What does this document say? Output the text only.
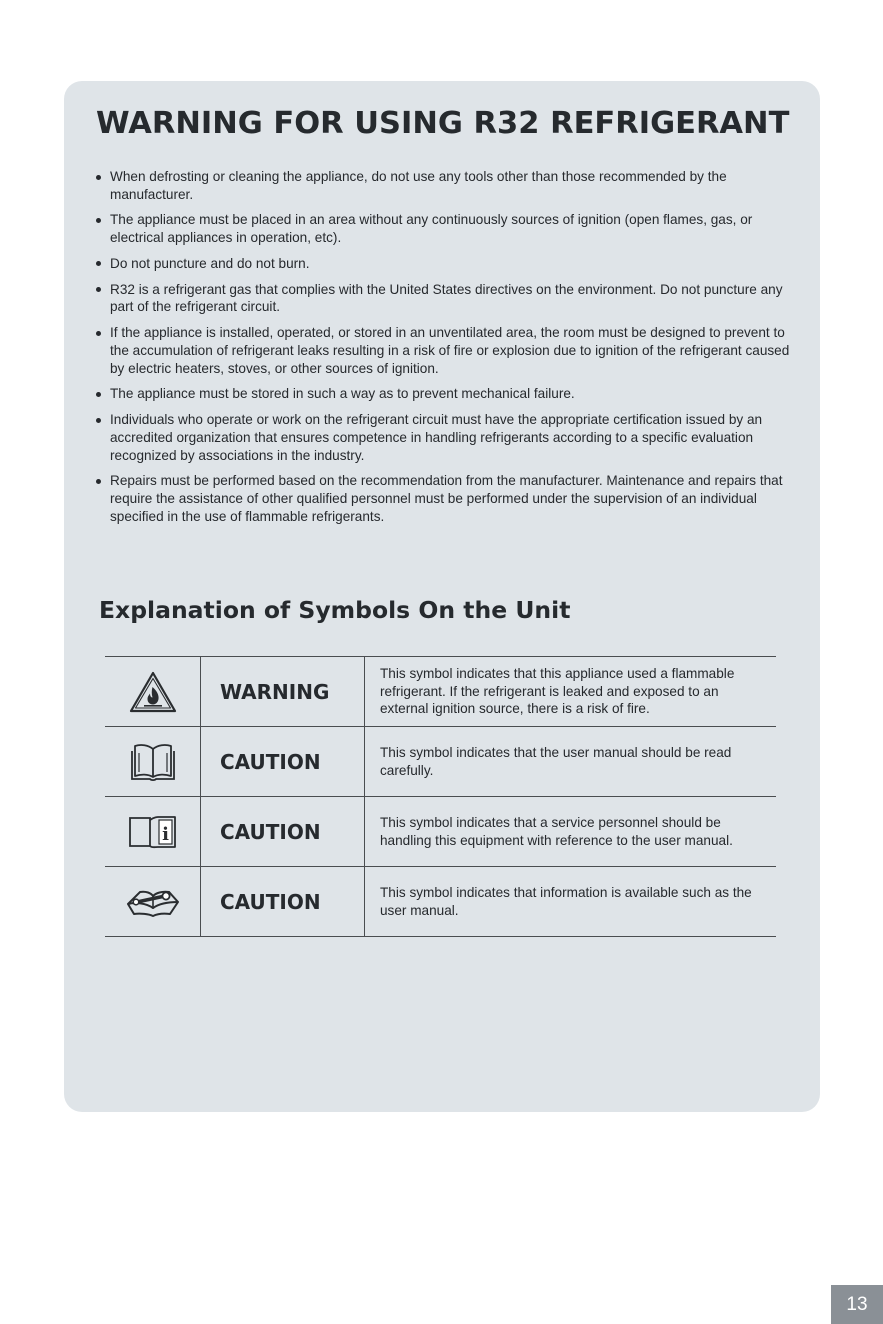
WARNING FOR USING R32 REFRIGERANT
When defrosting or cleaning the appliance, do not use any tools other than those recommended by the manufacturer.
The appliance must be placed in an area without any continuously sources of ignition (open flames, gas, or electrical appliances in operation, etc).
Do not puncture and do not burn.
R32 is a refrigerant gas that complies with the United States directives on the environment. Do not puncture any part of the refrigerant circuit.
If the appliance is installed, operated, or stored in an unventilated area, the room must be designed to prevent to the accumulation of refrigerant leaks resulting in a risk of fire or explosion due to ignition of the refrigerant caused by electric heaters, stoves, or other sources of ignition.
The appliance must be stored in such a way as to prevent mechanical failure.
Individuals who operate or work on the refrigerant circuit must have the appropriate certification issued by an accredited organization that ensures competence in handling refrigerants according to a specific evaluation recognized by associations in the industry.
Repairs must be performed based on the recommendation from the manufacturer. Maintenance and repairs that require the assistance of other qualified personnel must be performed under the supervision of an individual specified in the use of flammable refrigerants.
Explanation of Symbols On the Unit
	WARNING	This symbol indicates that this appliance used a flammable refrigerant. If the refrigerant is leaked and exposed to an external ignition source, there is a risk of fire.
	CAUTION	This symbol indicates that the user manual should be read carefully.

i	CAUTION	This symbol indicates that a service personnel should be handling this equipment with reference to the user manual.
	CAUTION	This symbol indicates that information is available such as the user manual.
13
